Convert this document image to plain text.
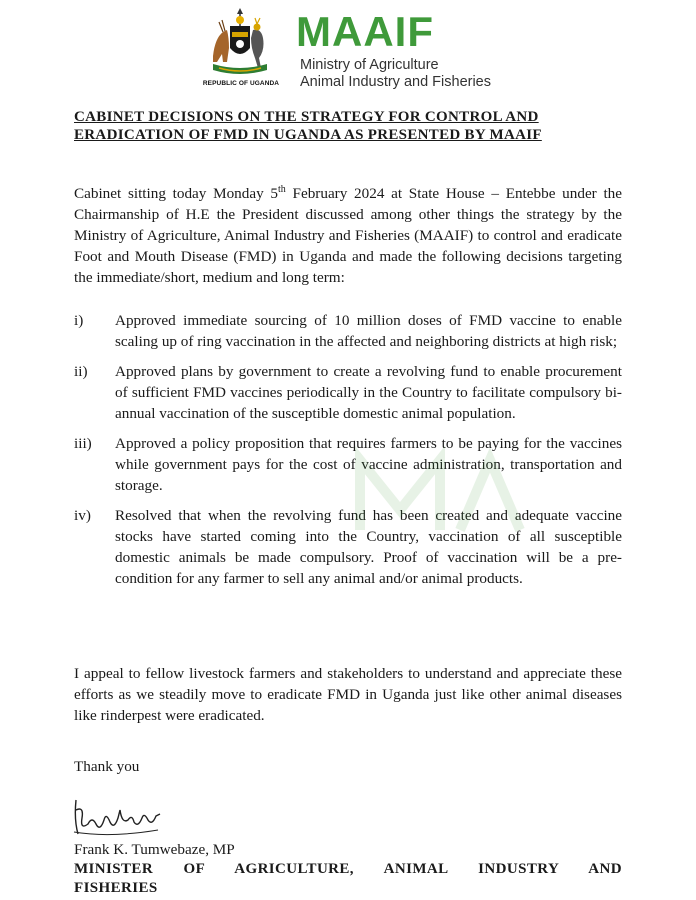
REPUBLIC OF UGANDA
MAAIF
Ministry of Agriculture
Animal Industry and Fisheries
CABINET DECISIONS ON THE STRATEGY FOR CONTROL AND
ERADICATION OF FMD IN UGANDA AS PRESENTED BY MAAIF
Cabinet sitting today Monday 5th February 2024 at State House – Entebbe under the Chairmanship of H.E the President discussed among other things the strategy by the Ministry of Agriculture, Animal Industry and Fisheries (MAAIF) to control and eradicate Foot and Mouth Disease (FMD) in Uganda and made the following decisions targeting the immediate/short, medium and long term:
i)	Approved immediate sourcing of 10 million doses of FMD vaccine to enable scaling up of ring vaccination in the affected and neighboring districts at high risk;
ii)	Approved plans by government to create a revolving fund to enable procurement of sufficient FMD vaccines periodically in the Country to facilitate compulsory bi-annual vaccination of the susceptible domestic animal population.
iii)	Approved a policy proposition that requires farmers to be paying for the vaccines while government pays for the cost of vaccine administration, transportation and storage.
iv)	Resolved that when the revolving fund has been created and adequate vaccine stocks have started coming into the Country, vaccination of all susceptible domestic animals be made compulsory. Proof of vaccination will be a pre-condition for any farmer to sell any animal and/or animal products.
I appeal to fellow livestock farmers and stakeholders to understand and appreciate these efforts as we steadily move to eradicate FMD in Uganda just like other animal diseases like rinderpest were eradicated.
Thank you
Frank K. Tumwebaze, MP
MINISTER OF AGRICULTURE, ANIMAL INDUSTRY AND
FISHERIES
